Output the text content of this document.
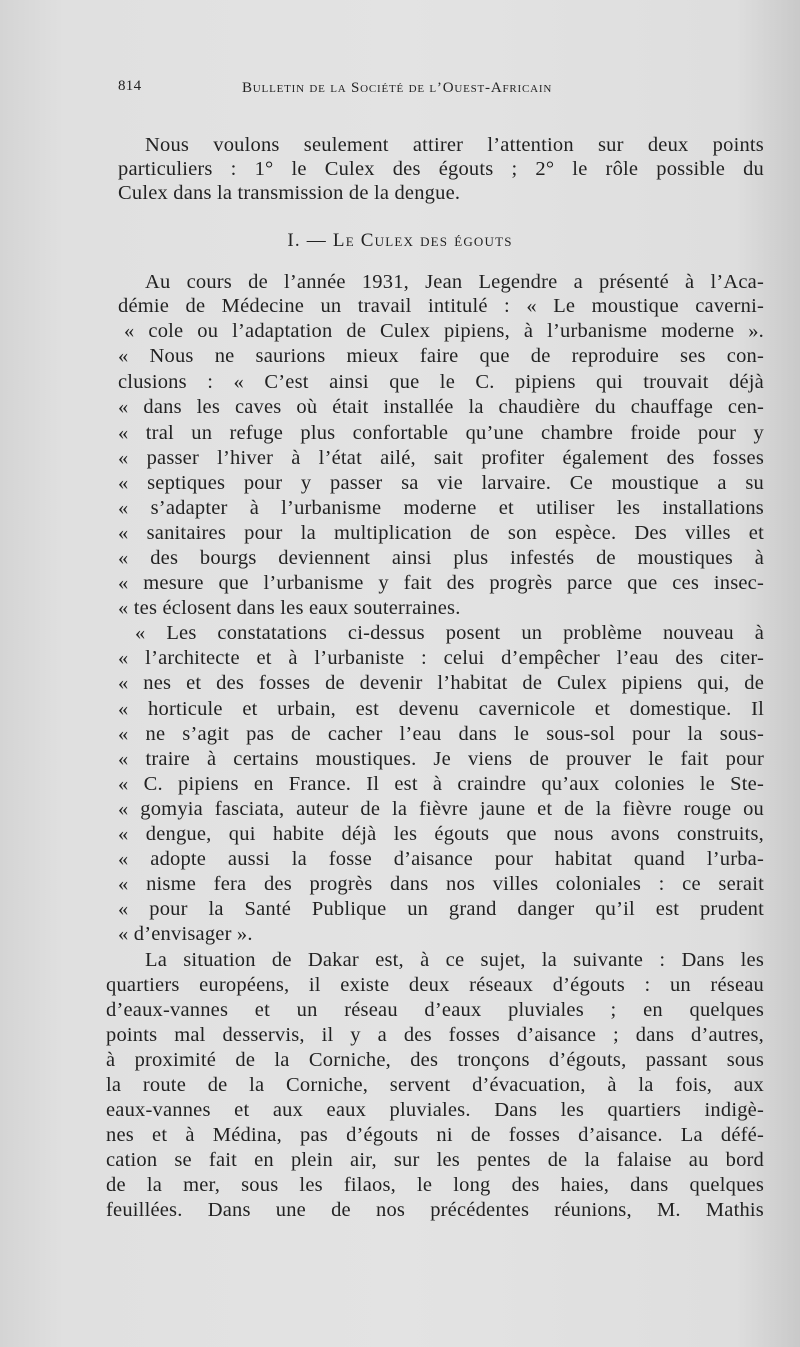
814	Bulletin de la Société de l’Ouest-Africain
Nous voulons seulement attirer l’attention sur deux points
particuliers : 1° le Culex des égouts ; 2° le rôle possible du
Culex dans la transmission de la dengue.
I. — Le Culex des égouts
Au cours de l’année 1931, Jean Legendre a présenté à l’Aca-
démie de Médecine un travail intitulé : « Le moustique caverni-
« cole ou l’adaptation de Culex pipiens, à l’urbanisme moderne ».
« Nous ne saurions mieux faire que de reproduire ses con-
clusions : « C’est ainsi que le C. pipiens qui trouvait déjà
« dans les caves où était installée la chaudière du chauffage cen-
« tral un refuge plus confortable qu’une chambre froide pour y
« passer l’hiver à l’état ailé, sait profiter également des fosses
« septiques pour y passer sa vie larvaire. Ce moustique a su
« s’adapter à l’urbanisme moderne et utiliser les installations
« sanitaires pour la multiplication de son espèce. Des villes et
« des bourgs deviennent ainsi plus infestés de moustiques à
« mesure que l’urbanisme y fait des progrès parce que ces insec-
« tes éclosent dans les eaux souterraines.
« Les constatations ci-dessus posent un problème nouveau à
« l’architecte et à l’urbaniste : celui d’empêcher l’eau des citer-
« nes et des fosses de devenir l’habitat de Culex pipiens qui, de
« horticule et urbain, est devenu cavernicole et domestique. Il
« ne s’agit pas de cacher l’eau dans le sous-sol pour la sous-
« traire à certains moustiques. Je viens de prouver le fait pour
« C. pipiens en France. Il est à craindre qu’aux colonies le Ste-
« gomyia fasciata, auteur de la fièvre jaune et de la fièvre rouge ou
« dengue, qui habite déjà les égouts que nous avons construits,
« adopte aussi la fosse d’aisance pour habitat quand l’urba-
« nisme fera des progrès dans nos villes coloniales : ce serait
« pour la Santé Publique un grand danger qu’il est prudent
« d’envisager ».
La situation de Dakar est, à ce sujet, la suivante : Dans les
quartiers européens, il existe deux réseaux d’égouts : un réseau
d’eaux-vannes et un réseau d’eaux pluviales ; en quelques
points mal desservis, il y a des fosses d’aisance ; dans d’autres,
à proximité de la Corniche, des tronçons d’égouts, passant sous
la route de la Corniche, servent d’évacuation, à la fois, aux
eaux-vannes et aux eaux pluviales. Dans les quartiers indigè-
nes et à Médina, pas d’égouts ni de fosses d’aisance. La défé-
cation se fait en plein air, sur les pentes de la falaise au bord
de la mer, sous les filaos, le long des haies, dans quelques
feuillées. Dans une de nos précédentes réunions, M. Mathis
